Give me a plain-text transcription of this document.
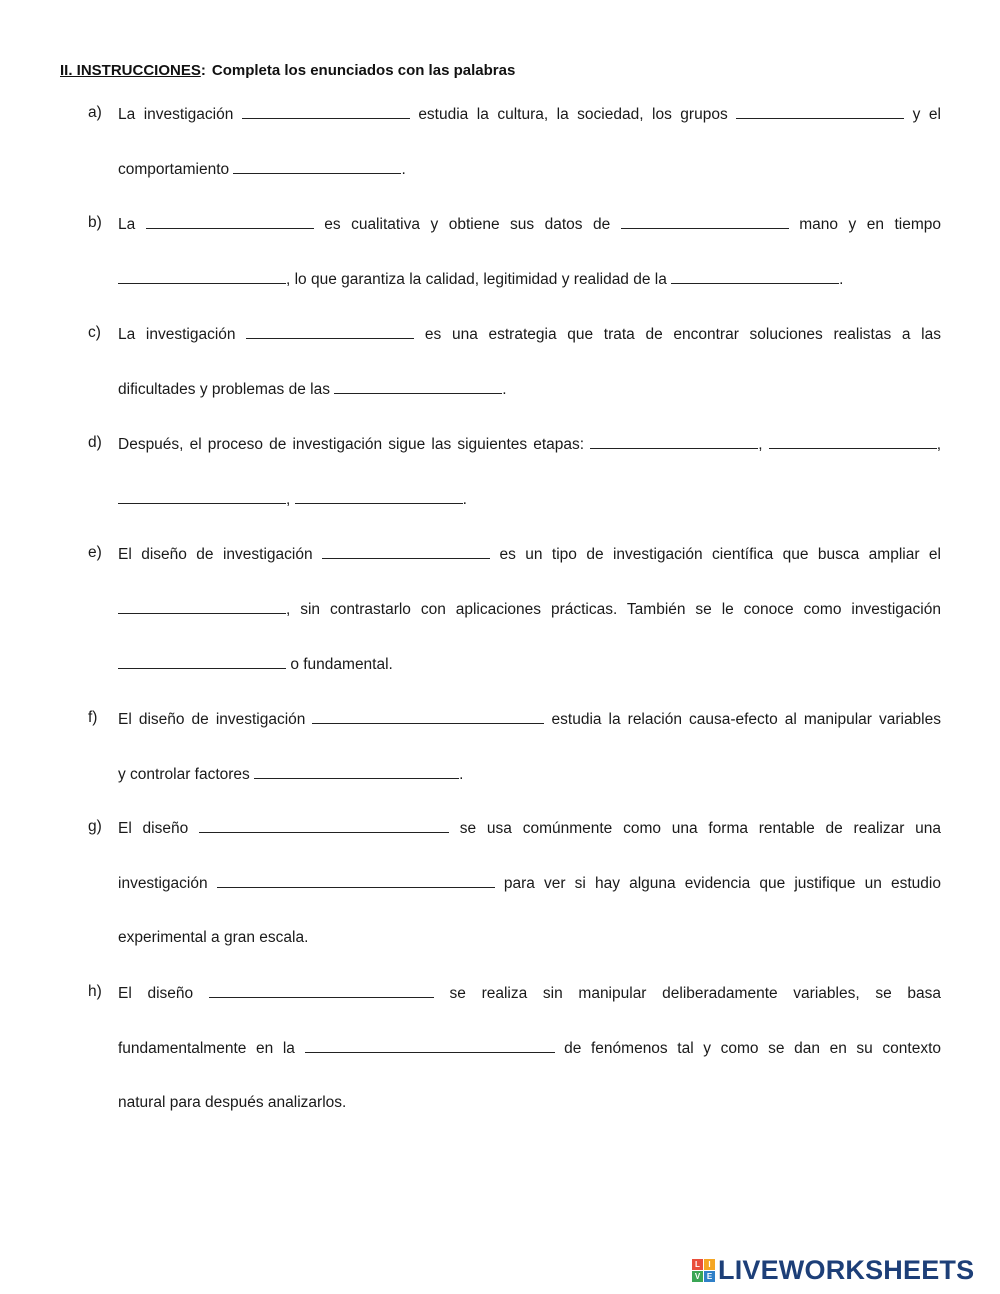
II. INSTRUCCIONES: Completa los enunciados con las palabras
a) La investigación	estudia la cultura, la sociedad, los grupos	y el
comportamiento	.
b) La	es cualitativa y obtiene sus datos de	mano y en tiempo
, lo que garantiza la calidad, legitimidad y realidad de la	.
c) La investigación	es una estrategia que trata de encontrar soluciones realistas a las
dificultades y problemas de las	.
d) Después, el proceso de investigación sigue las siguientes etapas:	,	,
,	.
e) El diseño de investigación	es un tipo de investigación científica que busca ampliar el
, sin contrastarlo con aplicaciones prácticas. También se le conoce como investigación
o fundamental.
f) El diseño de investigación	estudia la relación causa-efecto al manipular variables
y controlar factores	.
g) El diseño	se usa comúnmente como una forma rentable de realizar una
investigación	para ver si hay alguna evidencia que justifique un estudio
experimental a gran escala.
h) El diseño	se realiza sin manipular deliberadamente variables, se basa
fundamentalmente en la	de fenómenos tal y como se dan en su contexto
natural para después analizarlos.
L	I
V E LIVEWORKSHEETS
